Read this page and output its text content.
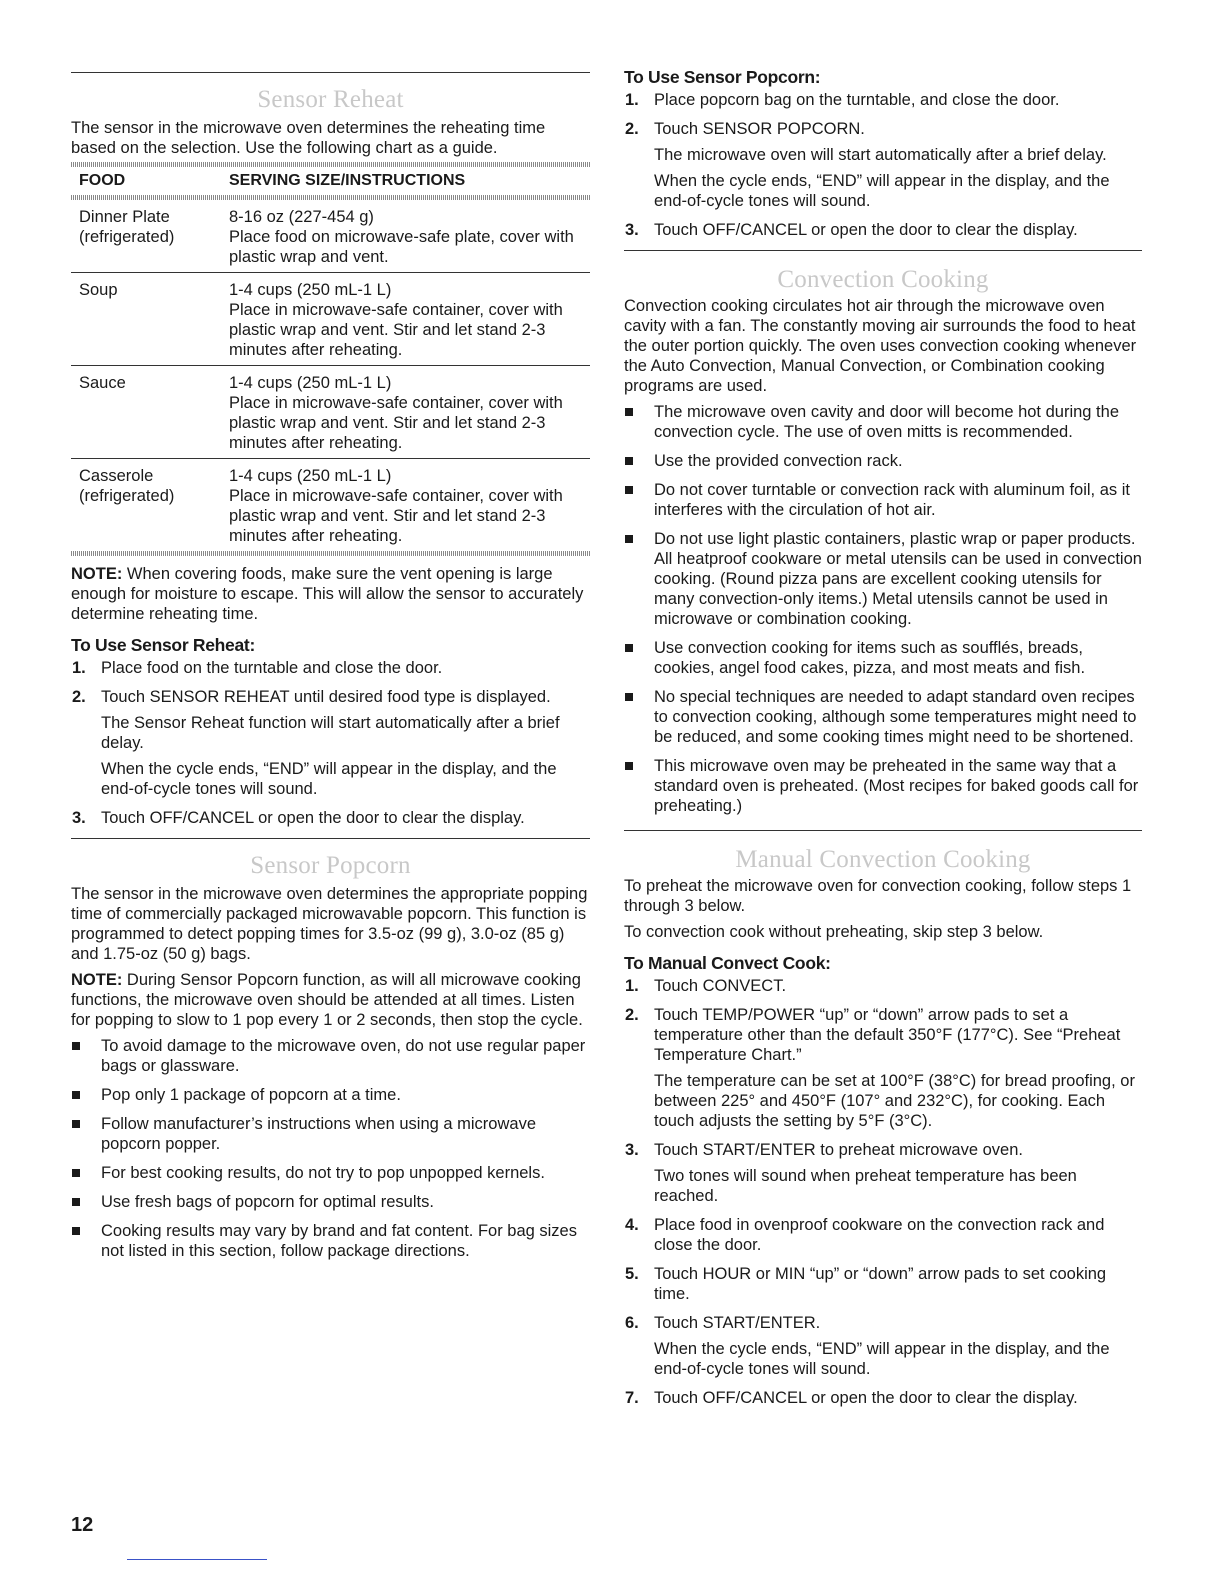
Sensor Reheat

The sensor in the microwave oven determines the reheating time based on the selection. Use the following chart as a guide.

FOOD	SERVING SIZE/INSTRUCTIONS
Dinner Plate
(refrigerated)	8-16 oz (227-454 g)
Place food on microwave-safe plate, cover with plastic wrap and vent.
Soup	1-4 cups (250 mL-1 L)
Place in microwave-safe container, cover with plastic wrap and vent. Stir and let stand 2-3 minutes after reheating.
Sauce	1-4 cups (250 mL-1 L)
Place in microwave-safe container, cover with plastic wrap and vent. Stir and let stand 2-3 minutes after reheating.
Casserole
(refrigerated)	1-4 cups (250 mL-1 L)
Place in microwave-safe container, cover with plastic wrap and vent. Stir and let stand 2-3 minutes after reheating.

NOTE: When covering foods, make sure the vent opening is large enough for moisture to escape. This will allow the sensor to accurately determine reheating time.

To Use Sensor Reheat:
1. Place food on the turntable and close the door.
2. Touch SENSOR REHEAT until desired food type is displayed.
The Sensor Reheat function will start automatically after a brief delay.
When the cycle ends, “END” will appear in the display, and the end-of-cycle tones will sound.
3. Touch OFF/CANCEL or open the door to clear the display.
Sensor Popcorn

The sensor in the microwave oven determines the appropriate popping time of commercially packaged microwavable popcorn. This function is programmed to detect popping times for 3.5-oz (99 g), 3.0-oz (85 g) and 1.75-oz (50 g) bags.

NOTE: During Sensor Popcorn function, as will all microwave cooking functions, the microwave oven should be attended at all times. Listen for popping to slow to 1 pop every 1 or 2 seconds, then stop the cycle.

To avoid damage to the microwave oven, do not use regular paper bags or glassware.
Pop only 1 package of popcorn at a time.
Follow manufacturer’s instructions when using a microwave popcorn popper.
For best cooking results, do not try to pop unpopped kernels.
Use fresh bags of popcorn for optimal results.
Cooking results may vary by brand and fat content. For bag sizes not listed in this section, follow package directions.
To Use Sensor Popcorn:
1. Place popcorn bag on the turntable, and close the door.
2. Touch SENSOR POPCORN.
The microwave oven will start automatically after a brief delay.
When the cycle ends, “END” will appear in the display, and the end-of-cycle tones will sound.
3. Touch OFF/CANCEL or open the door to clear the display.
Convection Cooking

Convection cooking circulates hot air through the microwave oven cavity with a fan. The constantly moving air surrounds the food to heat the outer portion quickly. The oven uses convection cooking whenever the Auto Convection, Manual Convection, or Combination cooking programs are used.

The microwave oven cavity and door will become hot during the convection cycle. The use of oven mitts is recommended.
Use the provided convection rack.
Do not cover turntable or convection rack with aluminum foil, as it interferes with the circulation of hot air.
Do not use light plastic containers, plastic wrap or paper products. All heatproof cookware or metal utensils can be used in convection cooking. (Round pizza pans are excellent cooking utensils for many convection-only items.) Metal utensils cannot be used in microwave or combination cooking.
Use convection cooking for items such as soufflés, breads, cookies, angel food cakes, pizza, and most meats and fish.
No special techniques are needed to adapt standard oven recipes to convection cooking, although some temperatures might need to be reduced, and some cooking times might need to be shortened.
This microwave oven may be preheated in the same way that a standard oven is preheated. (Most recipes for baked goods call for preheating.)
Manual Convection Cooking

To preheat the microwave oven for convection cooking, follow steps 1 through 3 below.

To convection cook without preheating, skip step 3 below.

To Manual Convect Cook:
1. Touch CONVECT.
2. Touch TEMP/POWER “up” or “down” arrow pads to set a temperature other than the default 350°F (177°C). See “Preheat Temperature Chart.”
The temperature can be set at 100°F (38°C) for bread proofing, or between 225° and 450°F (107° and 232°C), for cooking. Each touch adjusts the setting by 5°F (3°C).
3. Touch START/ENTER to preheat microwave oven.
Two tones will sound when preheat temperature has been reached.
4. Place food in ovenproof cookware on the convection rack and close the door.
5. Touch HOUR or MIN “up” or “down” arrow pads to set cooking time.
6. Touch START/ENTER.
When the cycle ends, “END” will appear in the display, and the end-of-cycle tones will sound.
7. Touch OFF/CANCEL or open the door to clear the display.
12
